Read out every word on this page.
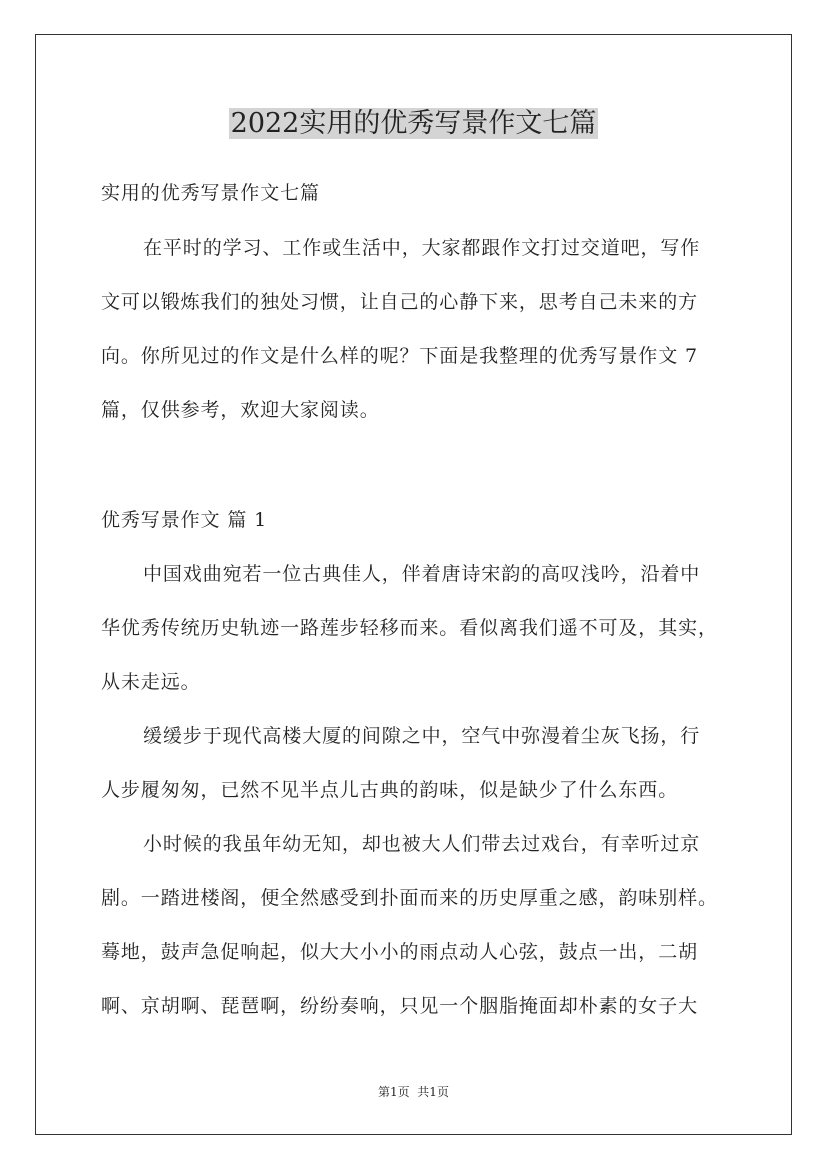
2022实用的优秀写景作文七篇
实用的优秀写景作文七篇
在平时的学习、工作或生活中，大家都跟作文打过交道吧，写作
文可以锻炼我们的独处习惯，让自己的心静下来，思考自己未来的方
向。你所见过的作文是什么样的呢？下面是我整理的优秀写景作文 7
篇，仅供参考，欢迎大家阅读。
优秀写景作文 篇 1
中国戏曲宛若一位古典佳人，伴着唐诗宋韵的高叹浅吟，沿着中
华优秀传统历史轨迹一路莲步轻移而来。看似离我们遥不可及，其实，
从未走远。
缓缓步于现代高楼大厦的间隙之中，空气中弥漫着尘灰飞扬，行
人步履匆匆，已然不见半点儿古典的韵味，似是缺少了什么东西。
小时候的我虽年幼无知，却也被大人们带去过戏台，有幸听过京
剧。一踏进楼阁，便全然感受到扑面而来的历史厚重之感，韵味别样。
蓦地，鼓声急促响起，似大大小小的雨点动人心弦，鼓点一出，二胡
啊、京胡啊、琵琶啊，纷纷奏响，只见一个胭脂掩面却朴素的女子大
第1页  共1页
